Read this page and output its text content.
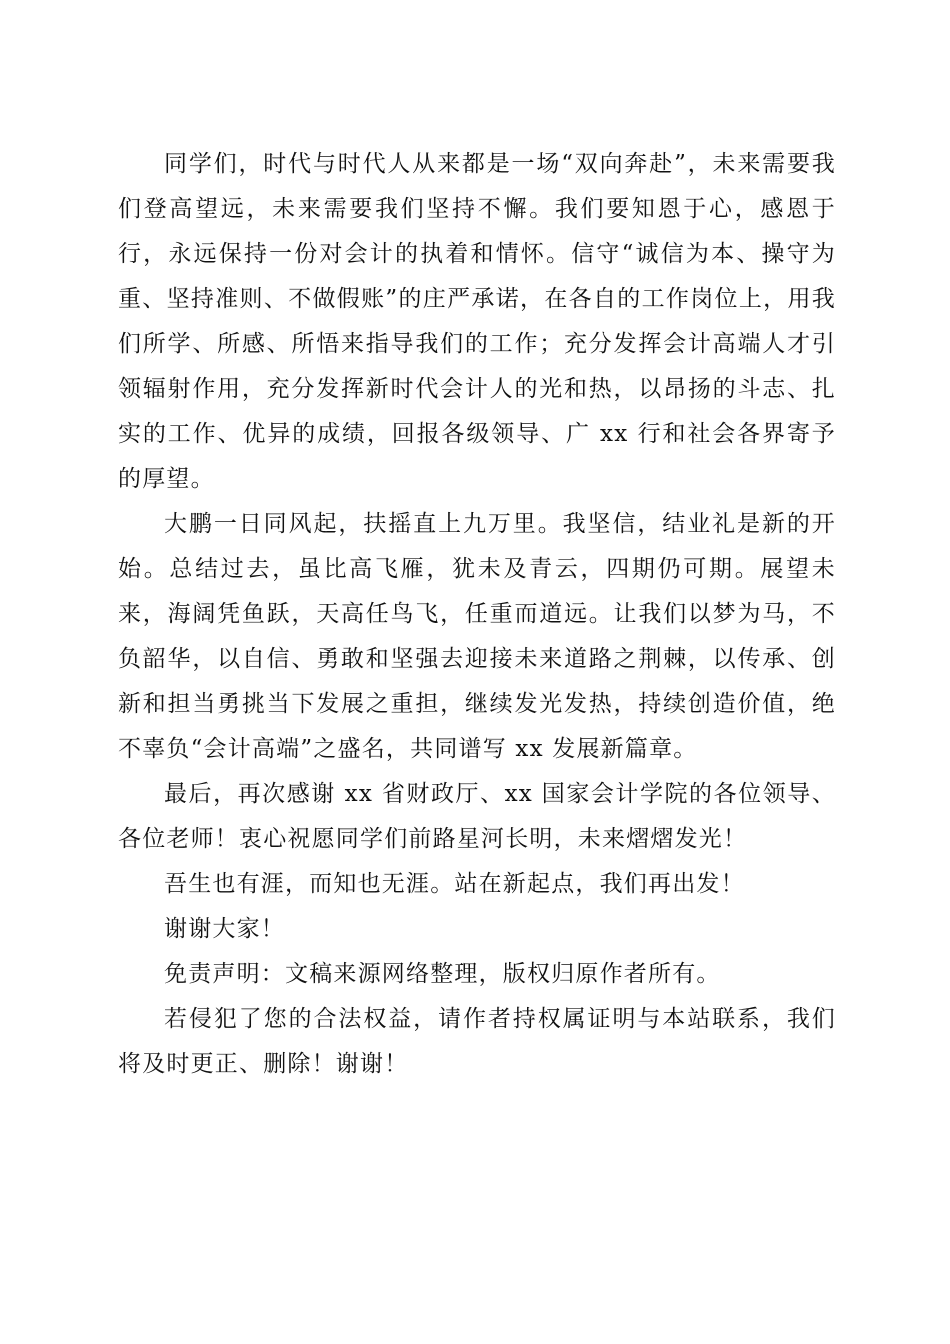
同学们，时代与时代人从来都是一场“双向奔赴”，未来需要我们登高望远，未来需要我们坚持不懈。我们要知恩于心，感恩于行，永远保持一份对会计的执着和情怀。信守“诚信为本、操守为重、坚持准则、不做假账”的庄严承诺，在各自的工作岗位上，用我们所学、所感、所悟来指导我们的工作；充分发挥会计高端人才引领辐射作用，充分发挥新时代会计人的光和热，以昂扬的斗志、扎实的工作、优异的成绩，回报各级领导、广 xx 行和社会各界寄予的厚望。

大鹏一日同风起，扶摇直上九万里。我坚信，结业礼是新的开始。总结过去，虽比高飞雁，犹未及青云，四期仍可期。展望未来，海阔凭鱼跃，天高任鸟飞，任重而道远。让我们以梦为马，不负韶华，以自信、勇敢和坚强去迎接未来道路之荆棘，以传承、创新和担当勇挑当下发展之重担，继续发光发热，持续创造价值，绝不辜负“会计高端”之盛名，共同谱写 xx 发展新篇章。

最后，再次感谢 xx 省财政厅、xx 国家会计学院的各位领导、各位老师！衷心祝愿同学们前路星河长明，未来熠熠发光！

吾生也有涯，而知也无涯。站在新起点，我们再出发！

谢谢大家！

免责声明：文稿来源网络整理，版权归原作者所有。

若侵犯了您的合法权益，请作者持权属证明与本站联系，我们将及时更正、删除！谢谢！
